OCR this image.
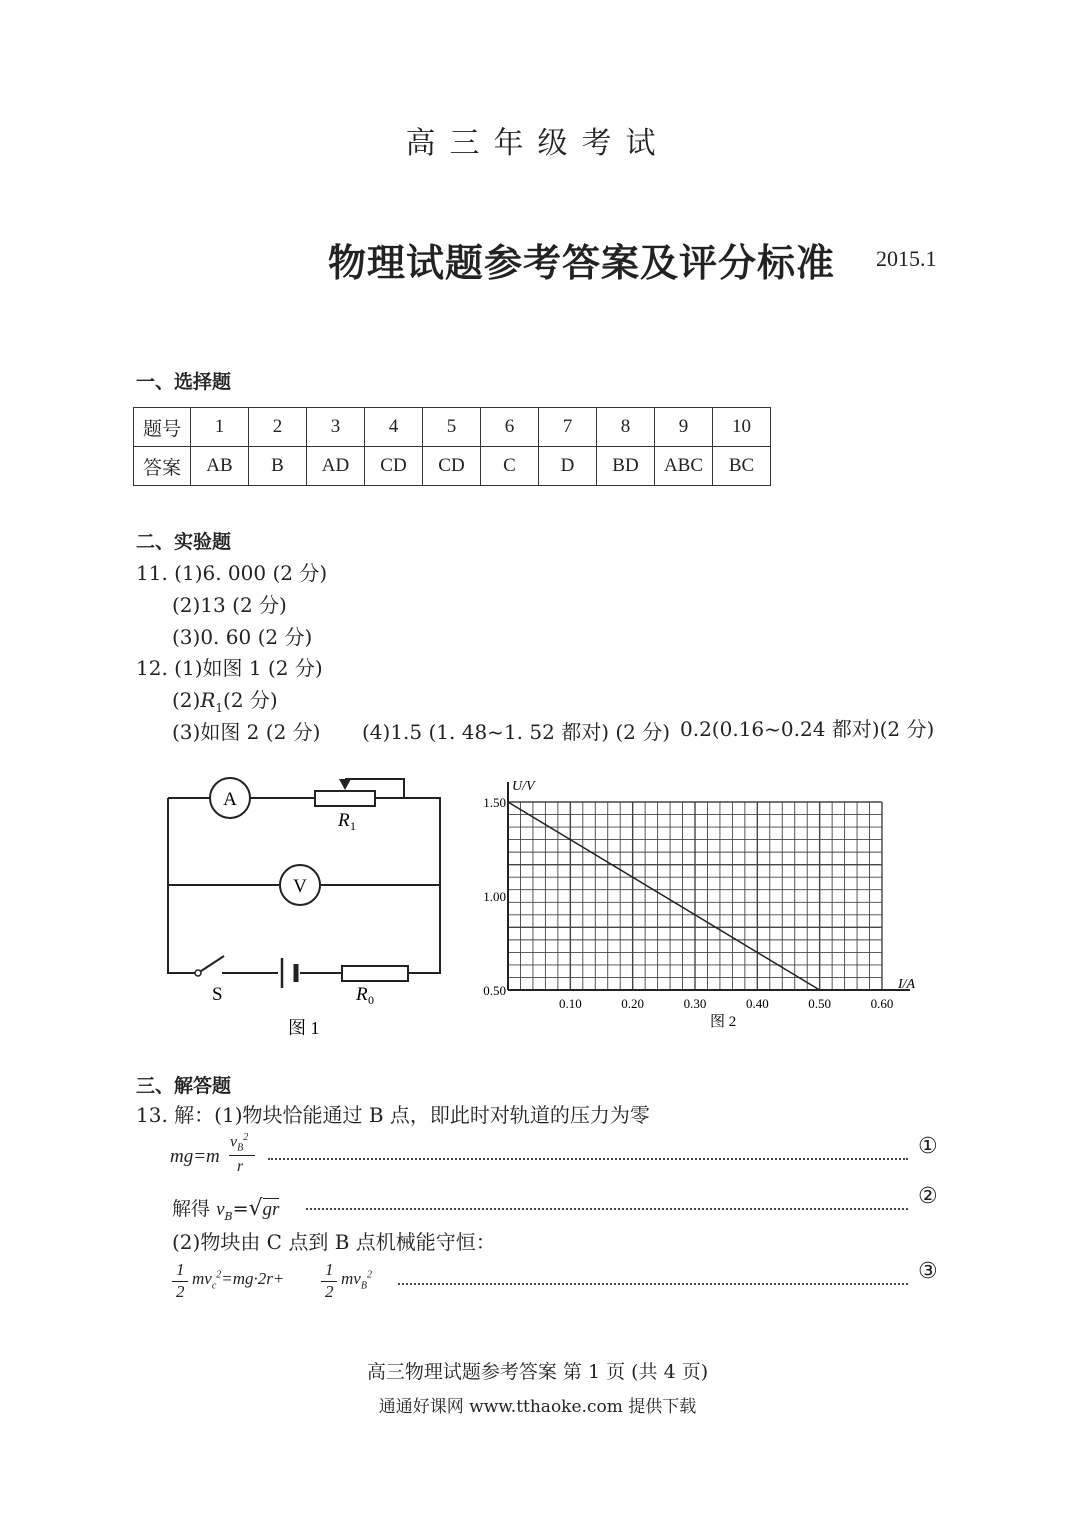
高三年级考试
物理试题参考答案及评分标准 2015.1
一、选择题
题号	1	2	3	4	5	6	7	8	9	10
答案	AB	B	AD	CD	CD	C	D	BD	ABC	BC
二、实验题
11. (1)6. 000 (2 分)
(2)13 (2 分)
(3)0. 60 (2 分)
12. (1)如图 1 (2 分)
$(2)R_1(2$ 分)
(3)如图 2 (2 分) (4)1.5 (1. 48~1. 52 都对) (2 分) 0.2(0.16~0.24 都对)(2 分)
A
V
R 1
R 0
S
图 1
0.10	0.20	0.30	0.40	0.50	0.60
1.50
1.00
0.50
U/V
I/A
图 2
三、解答题
13. 解：(1)物块恰能通过 B 点，即此时对轨道的压力为零
mg=m
$v_B^2$
r
①
解得 $v_B=√gr$
②
(2)物块由 C 点到 B 点机械能守恒：
1
2
$mv_c^2=mg\cdot 2r+ 1$
2
$mv_B^2$	③
高三物理试题参考答案 第 1 页 (共 4 页)
通通好课网 www.tthaoke.com 提供下载
